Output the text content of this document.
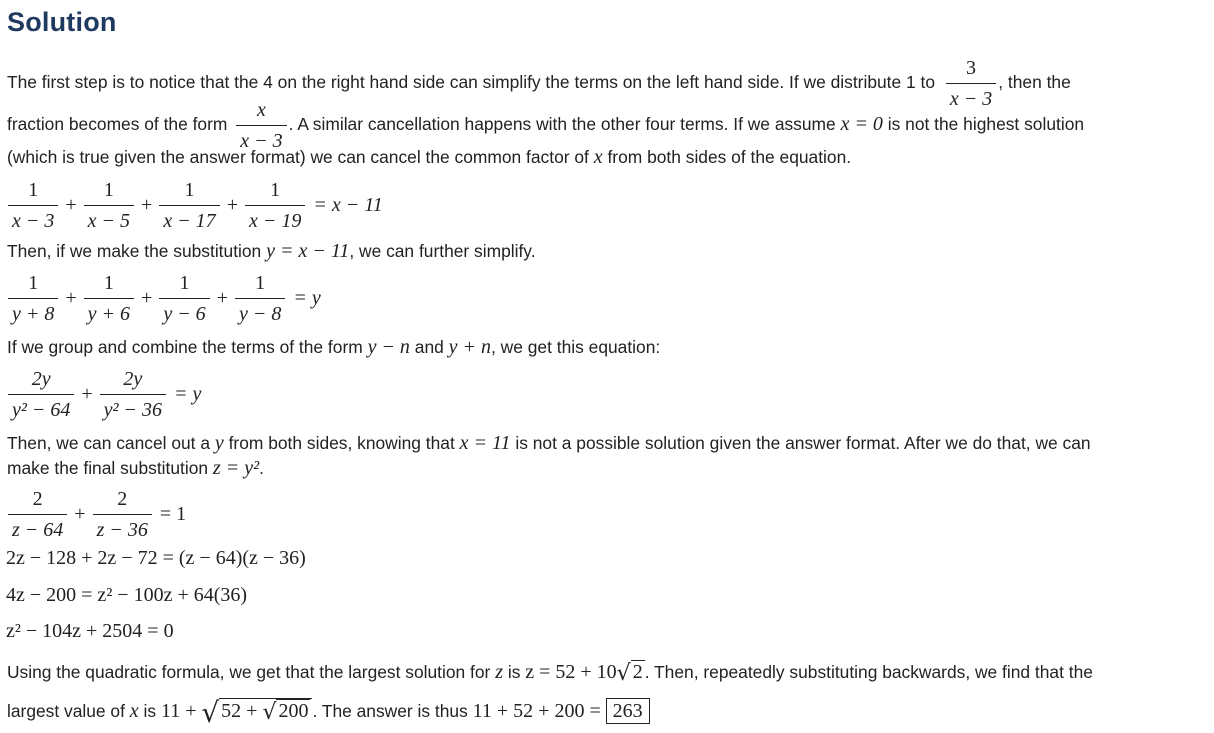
Solution
The first step is to notice that the 4 on the right hand side can simplify the terms on the left hand side. If we distribute 1 to $\frac{3}{x - 3}$ , then the
fraction becomes of the form $\frac{x}{x - 3}$ . A similar cancellation happens with the other four terms. If we assume x = 0 is not the highest solution
(which is true given the answer format) we can cancel the common factor of x from both sides of the equation.
$\frac{1}{x - 3} + \frac{1}{x - 5} + \frac{1}{x - 17} + \frac{1}{x - 19} = x - 11$
Then, if we make the substitution y = x − 11, we can further simplify.
$\frac{1}{y + 8} + \frac{1}{y + 6} + \frac{1}{y - 6} + \frac{1}{y - 8} = y$
If we group and combine the terms of the form y − n and y + n, we get this equation:
$\frac{2y}{\text{y² − 64}} + \frac{2y}{\text{y² − 36}} = y$
Then, we can cancel out a y from both sides, knowing that x = 11 is not a possible solution given the answer format. After we do that, we can
make the final substitution z = y².
$\frac{2}{z - 64} + \frac{2}{z - 36} = 1$
2z − 128 + 2z − 72 = (z − 64)(z − 36)
4z − 200 = z² − 100z + 64(36)
z² − 104z + 2504 = 0
Using the quadratic formula, we get that the largest solution for z is z = 52 + 10√ 2 . Then, repeatedly substituting backwards, we find that the
largest value of x is 11 + √ 52 + √ 200 . The answer is thus 11 + 52 + 200 = 263
